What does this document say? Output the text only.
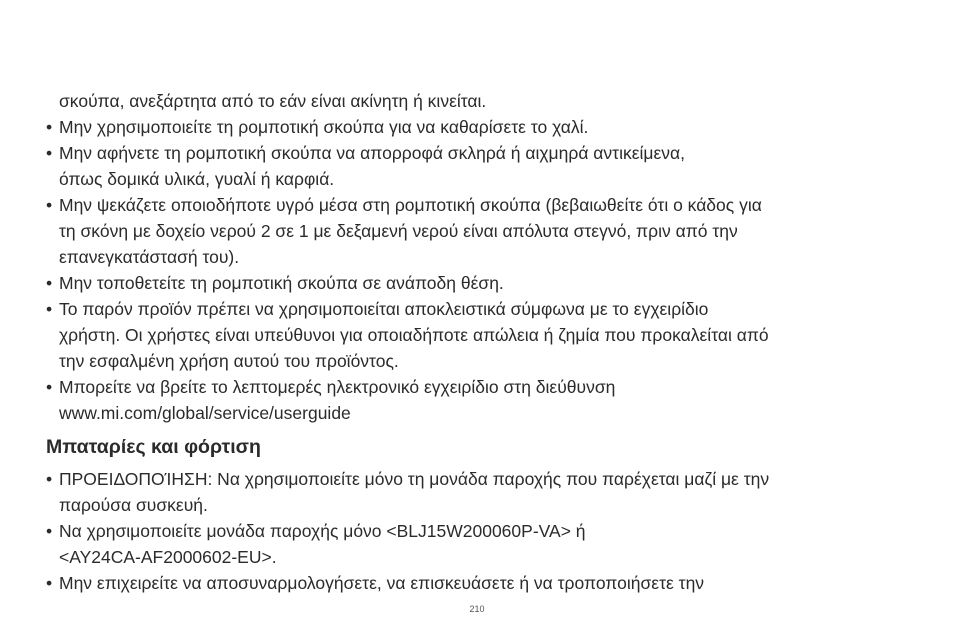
σκούπα, ανεξάρτητα από το εάν είναι ακίνητη ή κινείται.

• Μην χρησιμοποιείτε τη ρομποτική σκούπα για να καθαρίσετε το χαλί.
• Μην αφήνετε τη ρομποτική σκούπα να απορροφά σκληρά ή αιχμηρά αντικείμενα,
όπως δομικά υλικά, γυαλί ή καρφιά.
• Μην ψεκάζετε οποιοδήποτε υγρό μέσα στη ρομποτική σκούπα (βεβαιωθείτε ότι ο κάδος για
τη σκόνη με δοχείο νερού 2 σε 1 με δεξαμενή νερού είναι απόλυτα στεγνό, πριν από την
επανεγκατάστασή του).
• Μην τοποθετείτε τη ρομποτική σκούπα σε ανάποδη θέση.
• Το παρόν προϊόν πρέπει να χρησιμοποιείται αποκλειστικά σύμφωνα με το εγχειρίδιο
χρήστη. Οι χρήστες είναι υπεύθυνοι για οποιαδήποτε απώλεια ή ζημία που προκαλείται από
την εσφαλμένη χρήση αυτού του προϊόντος.
• Μπορείτε να βρείτε το λεπτομερές ηλεκτρονικό εγχειρίδιο στη διεύθυνση
www.mi.com/global/service/userguide
Μπαταρίες και φόρτιση
• ΠΡΟΕΙΔΟΠΟΊΗΣΗ: Να χρησιμοποιείτε μόνο τη μονάδα παροχής που παρέχεται μαζί με την
παρούσα συσκευή.
• Να χρησιμοποιείτε μονάδα παροχής μόνο <BLJ15W200060P-VA> ή
<AY24CA-AF2000602-EU>.
• Μην επιχειρείτε να αποσυναρμολογήσετε, να επισκευάσετε ή να τροποποιήσετε την
210
